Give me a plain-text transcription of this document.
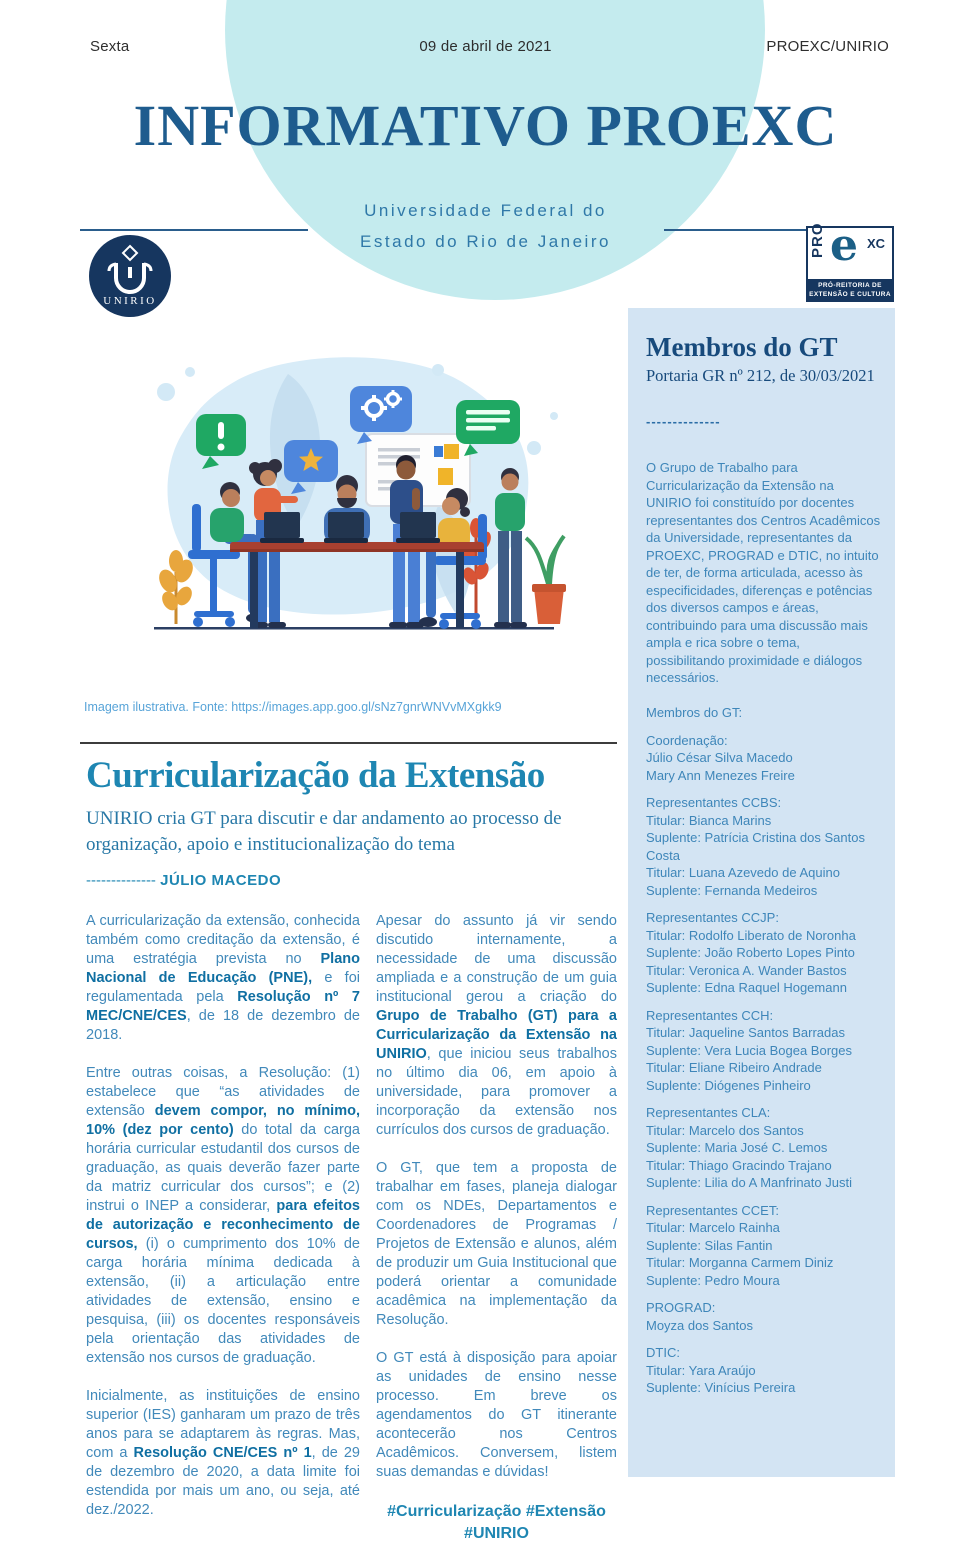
Sexta	09 de abril de 2021	PROEXC/UNIRIO
INFORMATIVO PROEXC
Universidade Federal do
Estado do Rio de Janeiro
UNIRIO
PRO e XC
PRÓ-REITORIA DE
EXTENSÃO E CULTURA
Imagem ilustrativa. Fonte: https://images.app.goo.gl/sNz7gnrWNVvMXgkk9
Curricularização da Extensão
UNIRIO cria GT para discutir e dar andamento ao processo de organização, apoio e institucionalização do tema
-------------- JÚLIO MACEDO

A curricularização da extensão, conhecida também como creditação da extensão, é uma estratégia prevista no Plano Nacional de Educação (PNE), e foi regulamentada pela Resolução nº 7 MEC/CNE/CES, de 18 de dezembro de 2018.

Entre outras coisas, a Resolução: (1) estabelece que “as atividades de extensão devem compor, no mínimo, 10% (dez por cento) do total da carga horária curricular estudantil dos cursos de graduação, as quais deverão fazer parte da matriz curricular dos cursos”; e (2) instrui o INEP a considerar, para efeitos de autorização e reconhecimento de cursos, (i) o cumprimento dos 10% de carga horária mínima dedicada à extensão, (ii) a articulação entre atividades de extensão, ensino e pesquisa, (iii) os docentes responsáveis pela orientação das atividades de extensão nos cursos de graduação.

Inicialmente, as instituições de ensino superior (IES) ganharam um prazo de três anos para se adaptarem às regras. Mas, com a Resolução CNE/CES nº 1, de 29 de dezembro de 2020, a data limite foi estendida por mais um ano, ou seja, até dez./2022.

Apesar do assunto já vir sendo discutido internamente, a necessidade de uma discussão ampliada e a construção de um guia institucional gerou a criação do Grupo de Trabalho (GT) para a Curricularização da Extensão na UNIRIO, que iniciou seus trabalhos no último dia 06, em apoio à universidade, para promover a incorporação da extensão nos currículos dos cursos de graduação.

O GT, que tem a proposta de trabalhar em fases, planeja dialogar com os NDEs, Departamentos e Coordenadores de Programas / Projetos de Extensão e alunos, além de produzir um Guia Institucional que poderá orientar a comunidade acadêmica na implementação da Resolução.

O GT está à disposição para apoiar as unidades de ensino nesse processo. Em breve os agendamentos do GT itinerante acontecerão nos Centros Acadêmicos. Conversem, listem suas demandas e dúvidas!

#Curricularização #Extensão
#UNIRIO
Membros do GT
Portaria GR nº 212, de 30/03/2021
--------------
O Grupo de Trabalho para Curricularização da Extensão na UNIRIO foi constituído por docentes representantes dos Centros Acadêmicos da Universidade, representantes da PROEXC, PROGRAD e DTIC, no intuito de ter, de forma articulada, acesso às especificidades, diferenças e potências dos diversos campos e áreas, contribuindo para uma discussão mais ampla e rica sobre o tema, possibilitando proximidade e diálogos necessários.
Membros do GT:
Coordenação:
Júlio César Silva Macedo
Mary Ann Menezes Freire
Representantes CCBS:
Titular: Bianca Marins
Suplente: Patrícia Cristina dos Santos Costa
Titular: Luana Azevedo de Aquino
Suplente: Fernanda Medeiros
Representantes CCJP:
Titular: Rodolfo Liberato de Noronha
Suplente: João Roberto Lopes Pinto
Titular: Veronica A. Wander Bastos
Suplente: Edna Raquel Hogemann
Representantes CCH:
Titular: Jaqueline Santos Barradas
Suplente: Vera Lucia Bogea Borges
Titular: Eliane Ribeiro Andrade
Suplente: Diógenes Pinheiro
Representantes CLA:
Titular: Marcelo dos Santos
Suplente: Maria José C. Lemos
Titular: Thiago Gracindo Trajano
Suplente: Lilia do A Manfrinato Justi
Representantes CCET:
Titular: Marcelo Rainha
Suplente: Silas Fantin
Titular: Morganna Carmem Diniz
Suplente: Pedro Moura
PROGRAD:
Moyza dos Santos
DTIC:
Titular: Yara Araújo
Suplente: Vinícius Pereira
